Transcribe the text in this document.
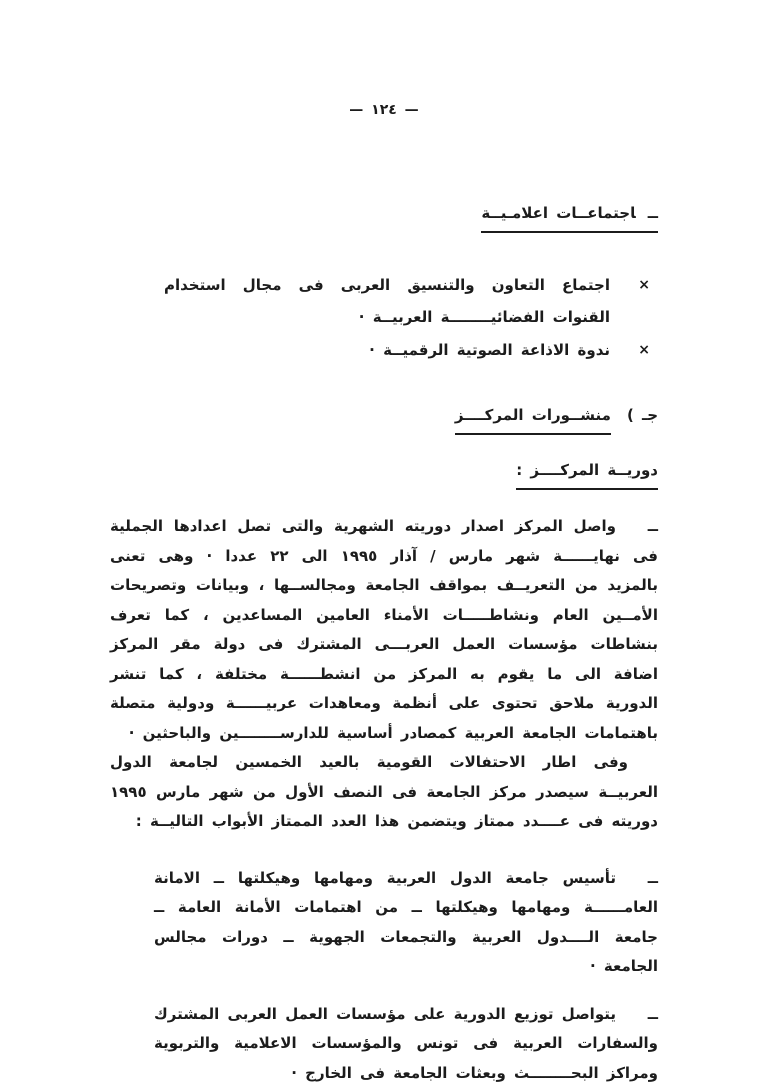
— ١٢٤ —
ــاجتماعــات اعلامـيــة
×
اجتماع التعاون والتنسيق العربى فى مجال استخدام القنوات الفضائيــــــــة العربيــة ·
×
ندوة الاذاعة الصوتية الرقميــة ·
جـ )منشــورات المركــــز
دوريــة المركــــز :
ــ
واصل المركز اصدار دوريته الشهرية والتى تصل اعدادها الجملية فى نهايــــــة شهر مارس / آذار ١٩٩٥ الى ٢٢ عددا · وهى تعنى بالمزيد من التعريــف بمواقف الجامعة ومجالســها ، وبيانات وتصريحات الأمــين العام ونشاطـــــات الأمناء العامين المساعدين ، كما تعرف بنشاطات مؤسسات العمل العربـــى المشترك فى دولة مقر المركز اضافة الى ما يقوم به المركز من انشطــــــة مختلفة ، كما تنشر الدورية ملاحق تحتوى على أنظمة ومعاهدات عربيــــــة ودولية متصلة باهتمامات الجامعة العربية كمصادر أساسية للدارســــــــين والباحثين ·
وفى اطار الاحتفالات القومية بالعيد الخمسين لجامعة الدول العربيــة سيصدر مركز الجامعة فى النصف الأول من شهر مارس ١٩٩٥ دوريته فى عــــدد ممتاز ويتضمن هذا العدد الممتاز الأبواب التاليــة :
ــ
تأسيس جامعة الدول العربية ومهامها وهيكلتها ــ الامانة العامــــــة ومهامها وهيكلتها ــ من اهتمامات الأمانة العامة ــ جامعة الــــدول العربية والتجمعات الجهوية ــ دورات مجالس الجامعة ·
ــ
يتواصل توزيع الدورية على مؤسسات العمل العربى المشترك والسفارات العربية فى تونس والمؤسسات الاعلامية والتربوية ومراكز البحــــــــث وبعثات الجامعة فى الخارج ·
